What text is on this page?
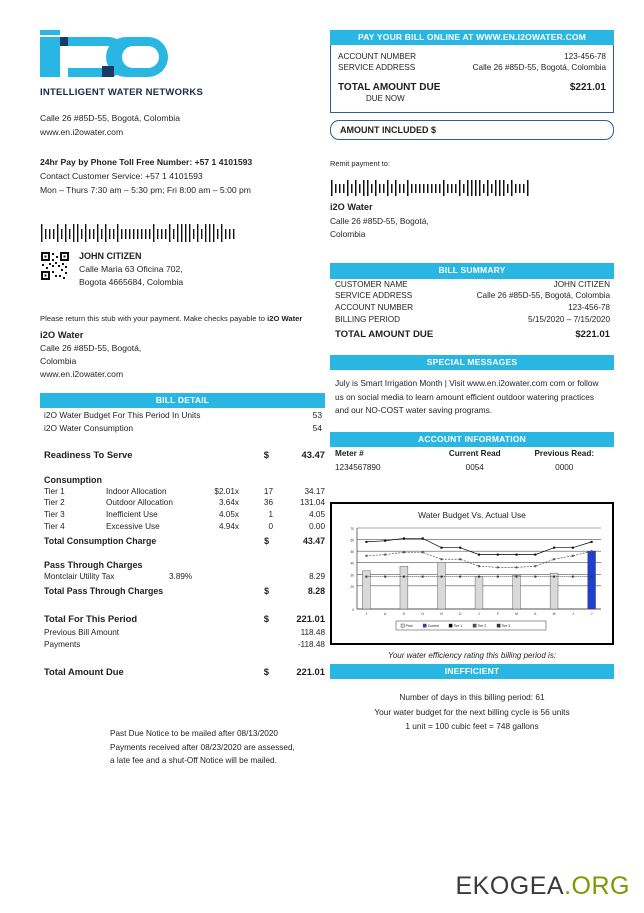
INTELLIGENT WATER NETWORKS
Calle 26 #85D-55, Bogotá, Colombia
www.en.i2owater.com
24hr Pay by Phone Toll Free Number: +57 1 4101593
Contact Customer Service: +57 1 4101593
Mon – Thurs 7:30 am – 5:30 pm; Fri 8:00 am – 5:00 pm
JOHN CITIZEN
Calle Maria 63 Oficina 702,
Bogota 4665684, Colombia
Please return this stub with your payment. Make checks payable to i2O Water
i2O Water
Calle 26 #85D-55, Bogotá,
Colombia
www.en.i2owater.com
BILL DETAIL
i2O Water Budget For This Period In Units	53
i2O Water Consumption	54
Readiness To Serve	$	43.47
Consumption
Tier 1	Indoor Allocation	$2.01x	17	34.17
Tier 2	Outdoor Allocation	3.64x	36	131.04
Tier 3	Inefficient Use	4.05x	1	4.05
Tier 4	Excessive Use	4.94x	0	0.00
Total Consumption Charge	$	43.47
Pass Through Charges
Montclair Utility Tax	3.89%	8.29
Total Pass Through Charges	$	8.28
Total For This Period	$	221.01
Previous Bill Amount	118.48
Payments	-118.48
Total Amount Due	$	221.01
Past Due Notice to be mailed after 08/13/2020
Payments received after 08/23/2020 are assessed,
a late fee and a shut-Off Notice will be mailed.
PAY YOUR BILL ONLINE AT WWW.EN.I2OWATER.COM
ACCOUNT NUMBER	123-456-78
SERVICE ADDRESS	Calle 26 #85D-55, Bogotá, Colombia
TOTAL AMOUNT DUE	$221.01
DUE NOW
AMOUNT INCLUDED $
Remit payment to:
i2O Water
Calle 26 #85D-55, Bogotá,
Colombia
BILL SUMMARY
CUSTOMER NAME	JOHN CITIZEN
SERVICE ADDRESS	Calle 26 #85D-55, Bogotá, Colombia
ACCOUNT NUMBER	123-456-78
BILLING PERIOD	5/15/2020 – 7/15/2020
TOTAL AMOUNT DUE	$221.01
SPECIAL MESSAGES
July is Smart Irrigation Month | Visit www.en.i2owater.com com or follow us on social media to learn amount efficient outdoor watering practices and our NO-COST water saving programs.
ACCOUNT INFORMATION
Meter #	Current Read	Previous Read:
1234567890	0054	0000
Water Budget Vs. Actual Use
0
20
30
40
50
60
70
J	A	S	O	N	D	J	F	M	A	M	J	J
Prior	Current	Tier 1	Tier 2	Tier 3
Your water efficiency rating this billing period is:
INEFFICIENT
Number of days in this billing period: 61
Your water budget for the next billing cycle is 56 units
1 unit = 100 cubic feet = 748 gallons
EKOGEA.ORG
